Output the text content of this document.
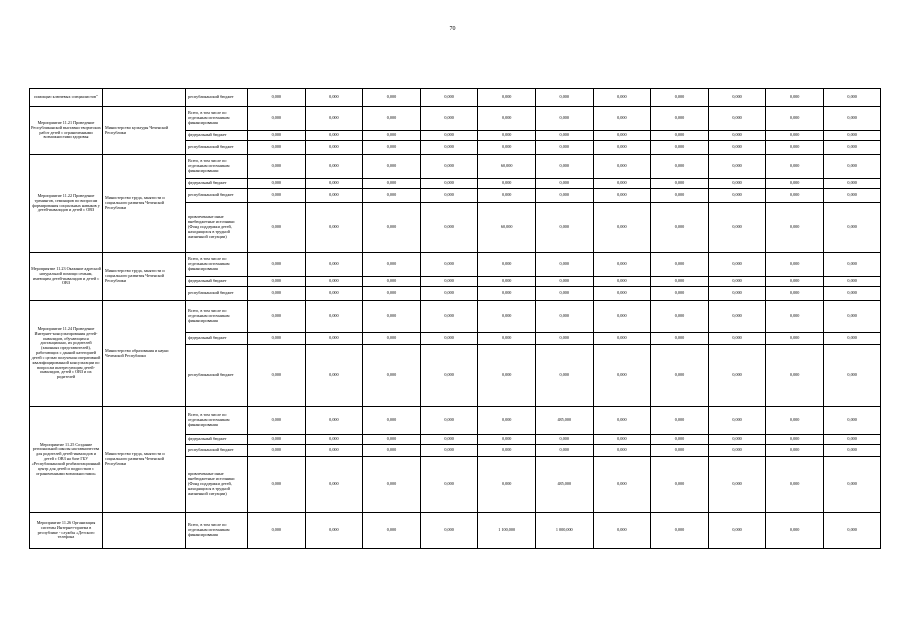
70
помощью ключевых специалистов"		республиканский бюджет	0,000	0,000	0,000	0,000	0,000	0,000	0,000	0,000	0,000	0,000	0,000
Мероприятие 11.21 Проведение Республиканской выставки творческих работ детей с ограниченными возможностями здоровья	Министерство культуры Чеченской Республики	Всего, в том числе по отдельным источникам финансирования	0,000	0,000	0,000	0,000	0,000	0,000	0,000	0,000	0,000	0,000	0,000
		федеральный бюджет	0,000	0,000	0,000	0,000	0,000	0,000	0,000	0,000	0,000	0,000	0,000
		республиканский бюджет	0,000	0,000	0,000	0,000	0,000	0,000	0,000	0,000	0,000	0,000	0,000
Мероприятие 11.22 Проведение тренингов, семинаров по вопросам формирования социальных навыков у детей-инвалидов и детей с ОВЗ	Министерство труда, занятости и социального развития Чеченской Республики	Всего, в том числе по отдельным источникам финансирования:	0,000	0,000	0,000	0,000	60,000	0,000	0,000	0,000	0,000	0,000	0,000
		федеральный бюджет	0,000	0,000	0,000	0,000	0,000	0,000	0,000	0,000	0,000	0,000	0,000
		республиканский бюджет	0,000	0,000	0,000	0,000	0,000	0,000	0,000	0,000	0,000	0,000	0,000
		привлеченные иные внебюджетные источники (Фонд поддержки детей, находящихся в трудной жизненной ситуации)	0,000	0,000	0,000	0,000	60,000	0,000	0,000	0,000	0,000	0,000	0,000
Мероприятие 11.23 Оказание адресной натуральной помощи семьям, имеющим детей-инвалидов и детей с ОВЗ	Министерство труда, занятости и социального развития Чеченской Республики	Всего, в том числе по отдельным источникам финансирования	0,000	0,000	0,000	0,000	0,000	0,000	0,000	0,000	0,000	0,000	0,000
		федеральный бюджет	0,000	0,000	0,000	0,000	0,000	0,000	0,000	0,000	0,000	0,000	0,000
		республиканский бюджет	0,000	0,000	0,000	0,000	0,000	0,000	0,000	0,000	0,000	0,000	0,000
Мероприятие 11.24 Проведение Интернет-консультирования детей-инвалидов, обучающихся дистанционно, их родителей (законных представителей), работающих с данной категорией детей с целью получения оперативной квалифицированной консультации по вопросам интересующим детей-инвалидов, детей с ОВЗ и их родителей	Министерство образования и науки Чеченской Республики	Всего, в том числе по отдельным источникам финансирования	0,000	0,000	0,000	0,000	0,000	0,000	0,000	0,000	0,000	0,000	0,000
		федеральный бюджет	0,000	0,000	0,000	0,000	0,000	0,000	0,000	0,000	0,000	0,000	0,000
		республиканский бюджет	0,000	0,000	0,000	0,000	0,000	0,000	0,000	0,000	0,000	0,000	0,000
Мероприятие 11.25 Создание региональной школы наставничества для родителей детей-инвалидов и детей с ОВЗ на базе ГБУ «Республиканский реабилитационный центр для детей и подростков с ограниченными возможностями»	Министерство труда, занятости и социального развития Чеченской Республики	Всего, в том числе по отдельным источникам финансирования	0,000	0,000	0,000	0,000	0,000	485,000	0,000	0,000	0,000	0,000	0,000
		федеральный бюджет	0,000	0,000	0,000	0,000	0,000	0,000	0,000	0,000	0,000	0,000	0,000
		республиканский бюджет	0,000	0,000	0,000	0,000	0,000	0,000	0,000	0,000	0,000	0,000	0,000
		привлеченные иные внебюджетные источники (Фонд поддержки детей, находящихся в трудной жизненной ситуации)	0,000	0,000	0,000	0,000	0,000	485,000	0,000	0,000	0,000	0,000	0,000
Мероприятие 11.26 Организация системы Интернет-приема в республике - службы «Детского телефона		Всего, в том числе по отдельным источникам финансирования	0,000	0,000	0,000	0,000	1 100,000	1 000,000	0,000	0,000	0,000	0,000	0,000
